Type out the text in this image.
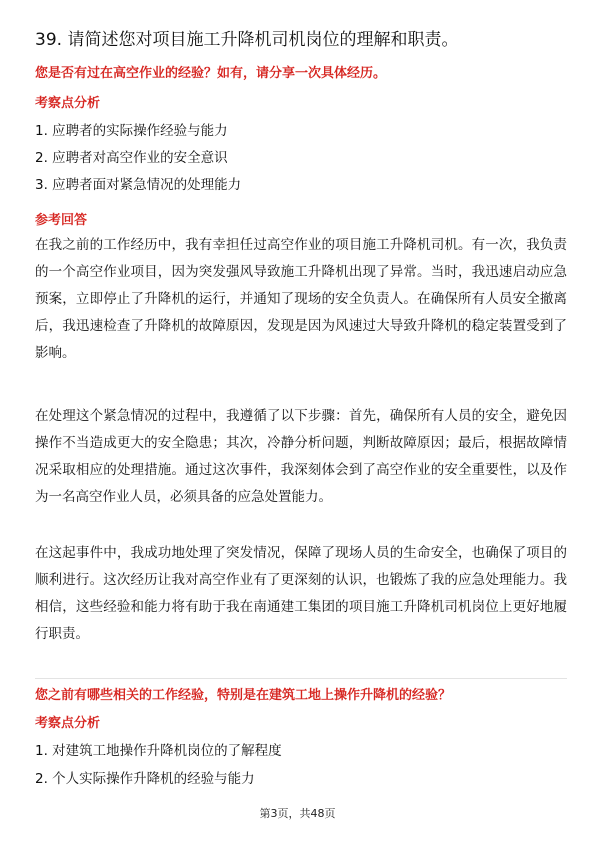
39. 请简述您对项目施工升降机司机岗位的理解和职责。
您是否有过在高空作业的经验？如有，请分享一次具体经历。
考察点分析
1. 应聘者的实际操作经验与能力
2. 应聘者对高空作业的安全意识
3. 应聘者面对紧急情况的处理能力
参考回答
在我之前的工作经历中，我有幸担任过高空作业的项目施工升降机司机。有一次，我负责的一个高空作业项目，因为突发强风导致施工升降机出现了异常。当时，我迅速启动应急预案，立即停止了升降机的运行，并通知了现场的安全负责人。在确保所有人员安全撤离后，我迅速检查了升降机的故障原因，发现是因为风速过大导致升降机的稳定装置受到了影响。
在处理这个紧急情况的过程中，我遵循了以下步骤：首先，确保所有人员的安全，避免因操作不当造成更大的安全隐患；其次，冷静分析问题，判断故障原因；最后，根据故障情况采取相应的处理措施。通过这次事件，我深刻体会到了高空作业的安全重要性，以及作为一名高空作业人员，必须具备的应急处置能力。
在这起事件中，我成功地处理了突发情况，保障了现场人员的生命安全，也确保了项目的顺利进行。这次经历让我对高空作业有了更深刻的认识，也锻炼了我的应急处理能力。我相信，这些经验和能力将有助于我在南通建工集团的项目施工升降机司机岗位上更好地履行职责。
您之前有哪些相关的工作经验，特别是在建筑工地上操作升降机的经验？
考察点分析
1. 对建筑工地操作升降机岗位的了解程度
2. 个人实际操作升降机的经验与能力
第3页，共48页
